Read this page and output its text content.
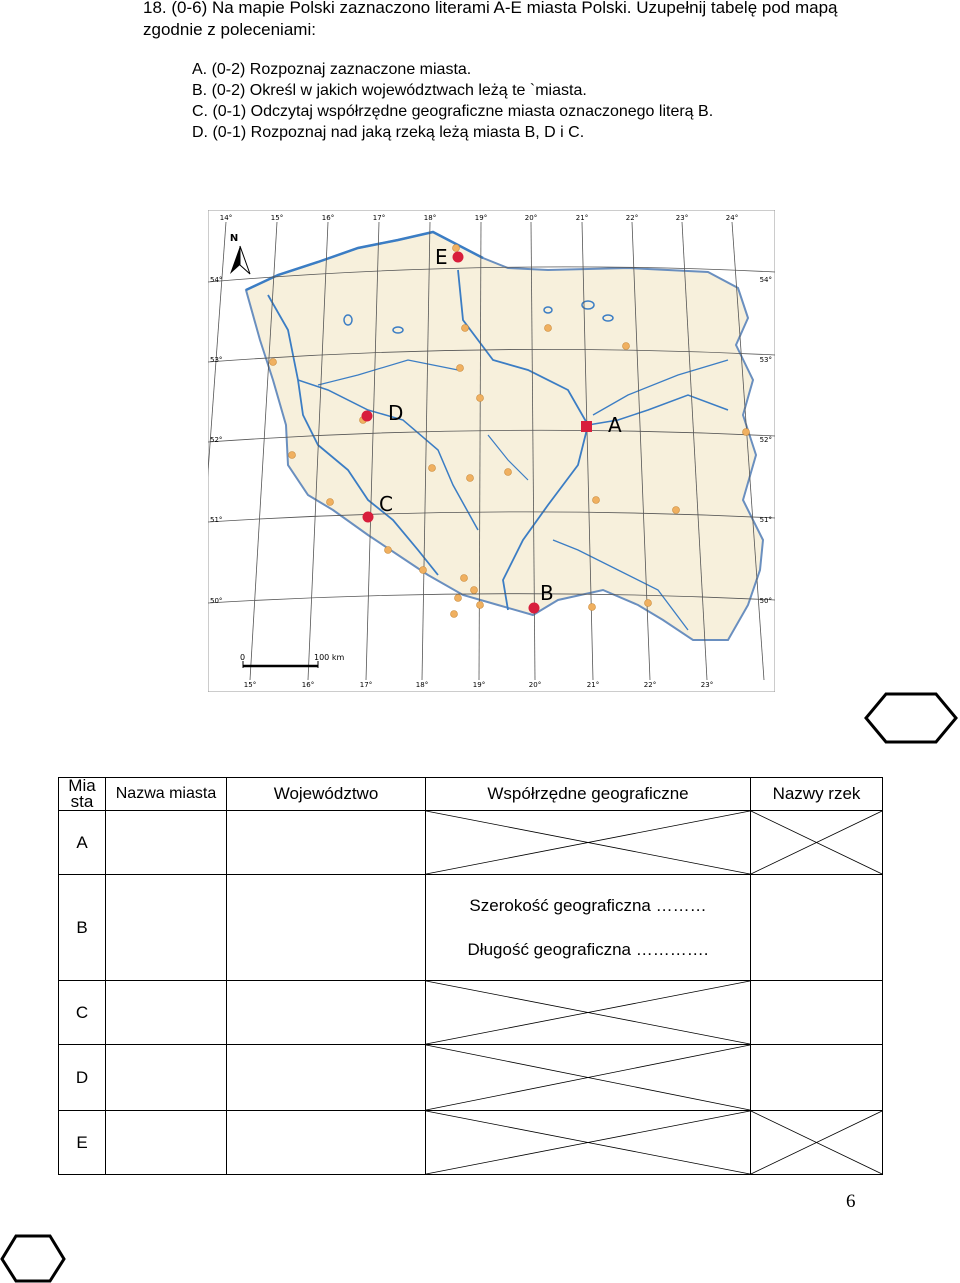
18. (0-6) Na mapie Polski zaznaczono literami A-E miasta Polski. Uzupełnij tabelę pod mapą zgodnie z poleceniami:
A. (0-2) Rozpoznaj zaznaczone miasta.
B. (0-2) Określ w jakich województwach leżą te `miasta.
C. (0-1) Odczytaj współrzędne geograficzne miasta oznaczonego literą B.
D. (0-1) Rozpoznaj nad jaką rzeką leżą miasta B, D i C.
14°	15°	16°	17°	18°	19°	20°	21°	22°	23°	24°
15°	16°	17°	18°	19°	20°	21°	22°	23°
54°
53°
52°
51°
50°
54°
53°
52°
51°
50°
N
A
B
C
D
E
0	100 km
Mia sta	Nazwa miasta	Województwo	Współrzędne geograficzne	Nazwy rzek
A			

B			Szerokość geograficzna ………
Długość geograficzna ………….	

C			

D			

E			

6
